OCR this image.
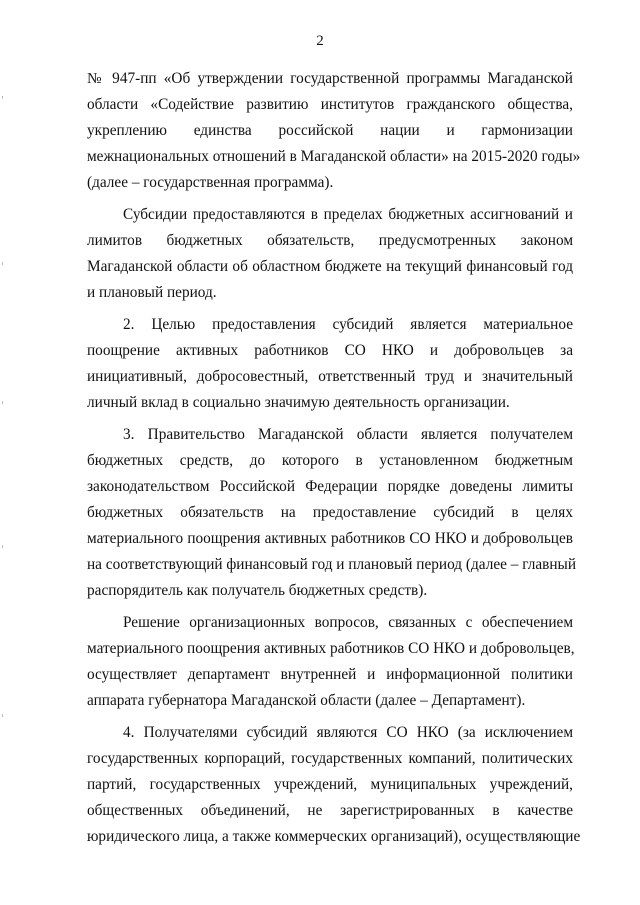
2
№ 947-пп «Об утверждении государственной программы Магаданской
области «Содействие развитию институтов гражданского общества,
укреплению единства российской нации и гармонизации
межнациональных отношений в Магаданской области» на 2015-2020 годы»
(далее – государственная программа).
Субсидии предоставляются в пределах бюджетных ассигнований и
лимитов бюджетных обязательств, предусмотренных законом
Магаданской области об областном бюджете на текущий финансовый год
и плановый период.
2. Целью предоставления субсидий является материальное
поощрение активных работников СО НКО и добровольцев за
инициативный, добросовестный, ответственный труд и значительный
личный вклад в социально значимую деятельность организации.
3. Правительство Магаданской области является получателем
бюджетных средств, до которого в установленном бюджетным
законодательством Российской Федерации порядке доведены лимиты
бюджетных обязательств на предоставление субсидий в целях
материального поощрения активных работников СО НКО и добровольцев
на соответствующий финансовый год и плановый период (далее – главный
распорядитель как получатель бюджетных средств).
Решение организационных вопросов, связанных с обеспечением
материального поощрения активных работников СО НКО и добровольцев,
осуществляет департамент внутренней и информационной политики
аппарата губернатора Магаданской области (далее – Департамент).
4. Получателями субсидий являются СО НКО (за исключением
государственных корпораций, государственных компаний, политических
партий, государственных учреждений, муниципальных учреждений,
общественных объединений, не зарегистрированных в качестве
юридического лица, а также коммерческих организаций), осуществляющие
